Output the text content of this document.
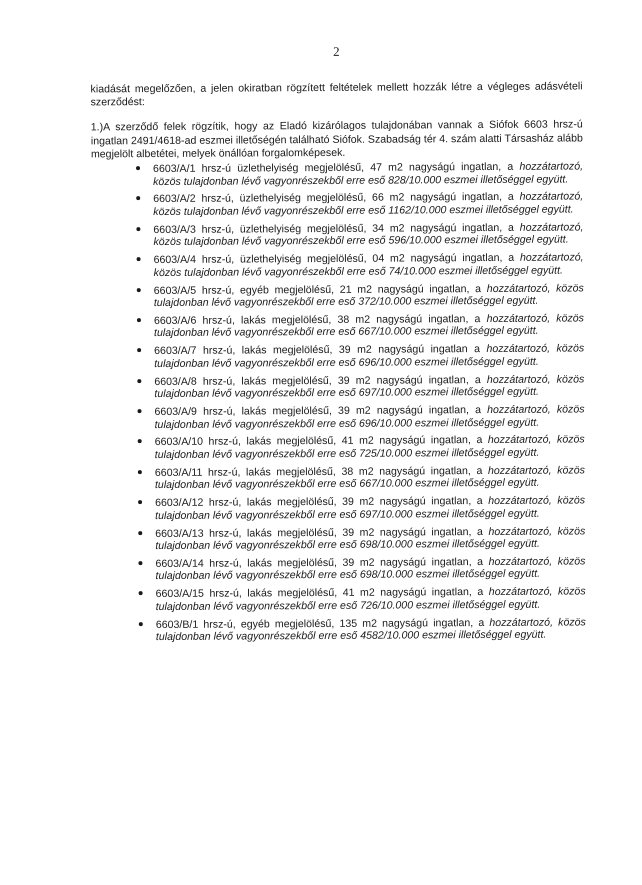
2

kiadását megelőzően, a jelen okiratban rögzített feltételek mellett hozzák létre a végleges adásvételi szerződést:

1.)A szerződő felek rögzítik, hogy az Eladó kizárólagos tulajdonában vannak a Siófok 6603 hrsz-ú ingatlan 2491/4618-ad eszmei illetőségén található Siófok. Szabadság tér 4. szám alatti Társasház alább megjelölt albetétei, melyek önállóan forgalomképesek.

6603/A/1 hrsz-ú üzlethelyiség megjelölésű, 47 m2 nagyságú ingatlan, a hozzátartozó, közös tulajdonban lévő vagyonrészekből erre eső 828/10.000 eszmei illetőséggel együtt.
6603/A/2 hrsz-ú, üzlethelyiség megjelölésű, 66 m2 nagyságú ingatlan, a hozzátartozó, közös tulajdonban lévő vagyonrészekből erre eső 1162/10.000 eszmei illetőséggel együtt.
6603/A/3 hrsz-ú, üzlethelyiség megjelölésű, 34 m2 nagyságú ingatlan, a hozzátartozó, közös tulajdonban lévő vagyonrészekből erre eső 596/10.000 eszmei illetőséggel együtt.
6603/A/4 hrsz-ú, üzlethelyiség megjelölésű, 04 m2 nagyságú ingatlan, a hozzátartozó, közös tulajdonban lévő vagyonrészekből erre eső 74/10.000 eszmei illetőséggel együtt.
6603/A/5 hrsz-ú, egyéb megjelölésű, 21 m2 nagyságú ingatlan, a hozzátartozó, közös tulajdonban lévő vagyonrészekből erre eső 372/10.000 eszmei illetőséggel együtt.
6603/A/6 hrsz-ú, lakás megjelölésű, 38 m2 nagyságú ingatlan, a hozzátartozó, közös tulajdonban lévő vagyonrészekből erre eső 667/10.000 eszmei illetőséggel együtt.
6603/A/7 hrsz-ú, lakás megjelölésű, 39 m2 nagyságú ingatlan a hozzátartozó, közös tulajdonban lévő vagyonrészekből erre eső 696/10.000 eszmei illetőséggel együtt.
6603/A/8 hrsz-ú, lakás megjelölésű, 39 m2 nagyságú ingatlan, a hozzátartozó, közös tulajdonban lévő vagyonrészekből erre eső 697/10.000 eszmei illetőséggel együtt.
6603/A/9 hrsz-ú, lakás megjelölésű, 39 m2 nagyságú ingatlan, a hozzátartozó, közös tulajdonban lévő vagyonrészekből erre eső 696/10.000 eszmei illetőséggel együtt.
6603/A/10 hrsz-ú, lakás megjelölésű, 41 m2 nagyságú ingatlan, a hozzátartozó, közös tulajdonban lévő vagyonrészekből erre eső 725/10.000 eszmei illetőséggel együtt.
6603/A/11 hrsz-ú, lakás megjelölésű, 38 m2 nagyságú ingatlan, a hozzátartozó, közös tulajdonban lévő vagyonrészekből erre eső 667/10.000 eszmei illetőséggel együtt.
6603/A/12 hrsz-ú, lakás megjelölésű, 39 m2 nagyságú ingatlan, a hozzátartozó, közös tulajdonban lévő vagyonrészekből erre eső 697/10.000 eszmei illetőséggel együtt.
6603/A/13 hrsz-ú, lakás megjelölésű, 39 m2 nagyságú ingatlan, a hozzátartozó, közös tulajdonban lévő vagyonrészekből erre eső 698/10.000 eszmei illetőséggel együtt.
6603/A/14 hrsz-ú, lakás megjelölésű, 39 m2 nagyságú ingatlan, a hozzátartozó, közös tulajdonban lévő vagyonrészekből erre eső 698/10.000 eszmei illetőséggel együtt.
6603/A/15 hrsz-ú, lakás megjelölésű, 41 m2 nagyságú ingatlan, a hozzátartozó, közös tulajdonban lévő vagyonrészekből erre eső 726/10.000 eszmei illetőséggel együtt.
6603/B/1 hrsz-ú, egyéb megjelölésű, 135 m2 nagyságú ingatlan, a hozzátartozó, közös tulajdonban lévő vagyonrészekből erre eső 4582/10.000 eszmei illetőséggel együtt.
